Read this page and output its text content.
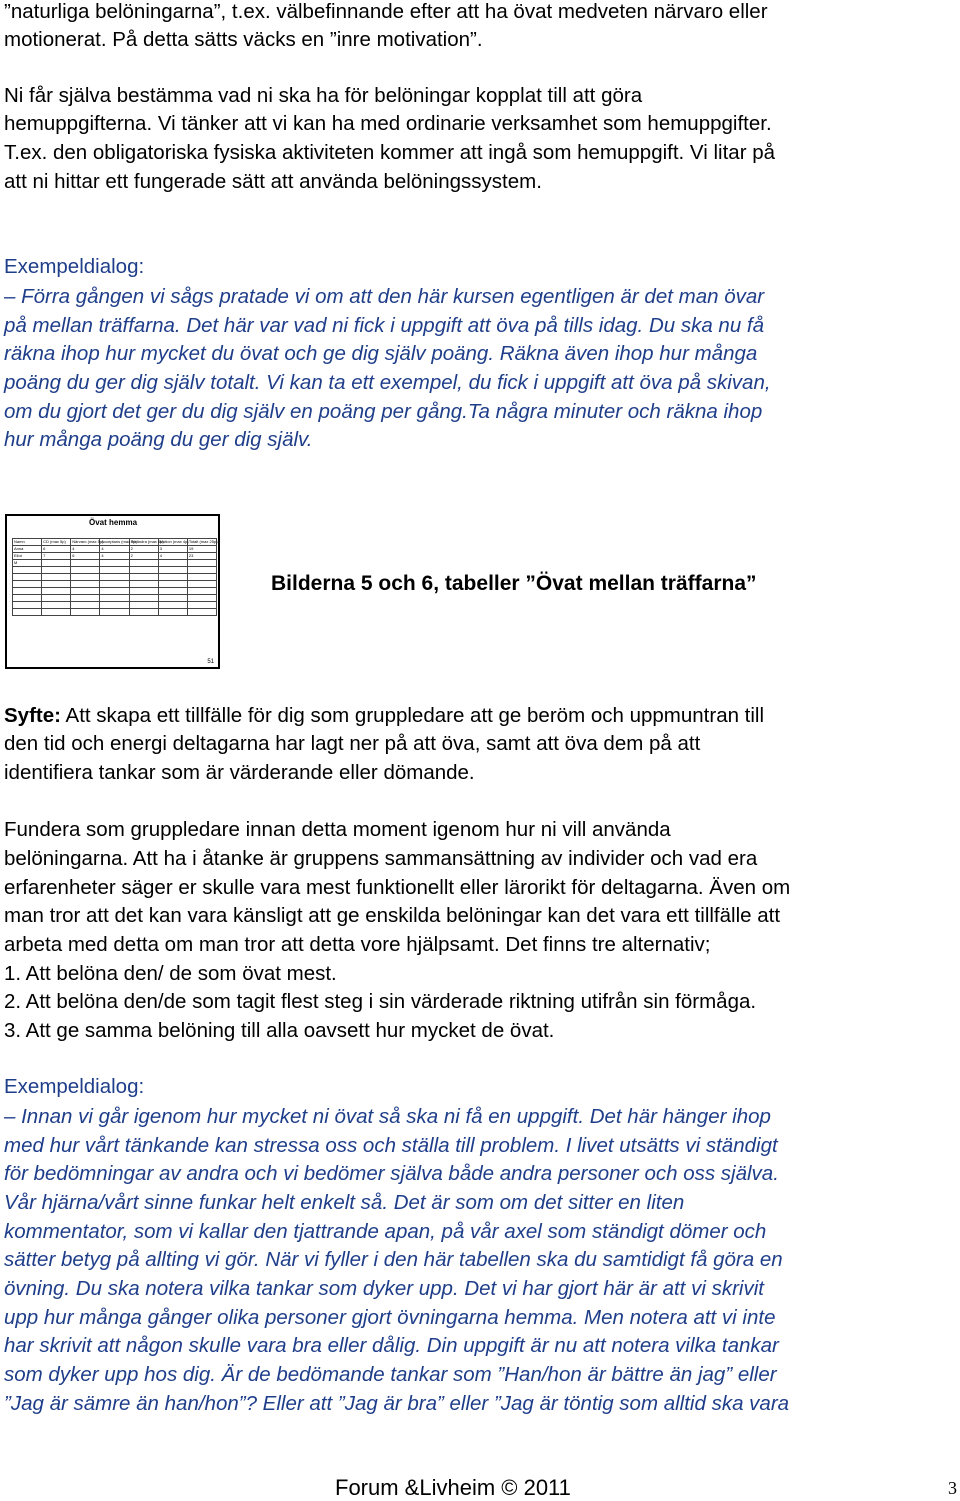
”naturliga belöningarna”, t.ex. välbefinnande efter att ha övat medveten närvaro eller
motionerat. På detta sätts väcks en ”inre motivation”.
Ni får själva bestämma vad ni ska ha för belöningar kopplat till att göra
hemuppgifterna. Vi tänker att vi kan ha med ordinarie verksamhet som hemuppgifter.
T.ex. den obligatoriska fysiska aktiviteten kommer att ingå som hemuppgift. Vi litar på
att ni hittar ett fungerade sätt att använda belöningssystem.
Exempeldialog:
– Förra gången vi sågs pratade vi om att den här kursen egentligen är det man övar
på mellan träffarna. Det här var vad ni fick i uppgift att öva på tills idag. Du ska nu få
räkna ihop hur mycket du övat och ge dig själv poäng. Räkna även ihop hur många
poäng du ger dig själv totalt. Vi kan ta ett exempel, du fick i uppgift att öva på skivan,
om du gjort det ger du dig själv en poäng per gång.Ta några minuter och räkna ihop
hur många poäng du ger dig själv.
Övat hemma
Namn	CD (max 5p)	Närvaro (max 5p)	Acceptans (max 4p)	Förändra (max 4p)	Motion (max 4p)	Totalt (max 25p)
Anna	6	4	4	2	3	19
Eliot	7	6	4	2	4	23
M						

51
Bilderna 5 och 6, tabeller ”Övat mellan träffarna”
Syfte: Att skapa ett tillfälle för dig som gruppledare att ge beröm och uppmuntran till
den tid och energi deltagarna har lagt ner på att öva, samt att öva dem på att
identifiera tankar som är värderande eller dömande.
Fundera som gruppledare innan detta moment igenom hur ni vill använda
belöningarna. Att ha i åtanke är gruppens sammansättning av individer och vad era
erfarenheter säger er skulle vara mest funktionellt eller lärorikt för deltagarna. Även om
man tror att det kan vara känsligt att ge enskilda belöningar kan det vara ett tillfälle att
arbeta med detta om man tror att detta vore hjälpsamt. Det finns tre alternativ;
1. Att belöna den/ de som övat mest.
2. Att belöna den/de som tagit flest steg i sin värderade riktning utifrån sin förmåga.
3. Att ge samma belöning till alla oavsett hur mycket de övat.
Exempeldialog:
– Innan vi går igenom hur mycket ni övat så ska ni få en uppgift. Det här hänger ihop
med hur vårt tänkande kan stressa oss och ställa till problem. I livet utsätts vi ständigt
för bedömningar av andra och vi bedömer själva både andra personer och oss själva.
Vår hjärna/vårt sinne funkar helt enkelt så. Det är som om det sitter en liten
kommentator, som vi kallar den tjattrande apan, på vår axel som ständigt dömer och
sätter betyg på allting vi gör. När vi fyller i den här tabellen ska du samtidigt få göra en
övning. Du ska notera vilka tankar som dyker upp. Det vi har gjort här är att vi skrivit
upp hur många gånger olika personer gjort övningarna hemma. Men notera att vi inte
har skrivit att någon skulle vara bra eller dålig. Din uppgift är nu att notera vilka tankar
som dyker upp hos dig. Är de bedömande tankar som ”Han/hon är bättre än jag” eller
”Jag är sämre än han/hon”? Eller att ”Jag är bra” eller ”Jag är töntig som alltid ska vara
Forum &Livheim © 2011	3
